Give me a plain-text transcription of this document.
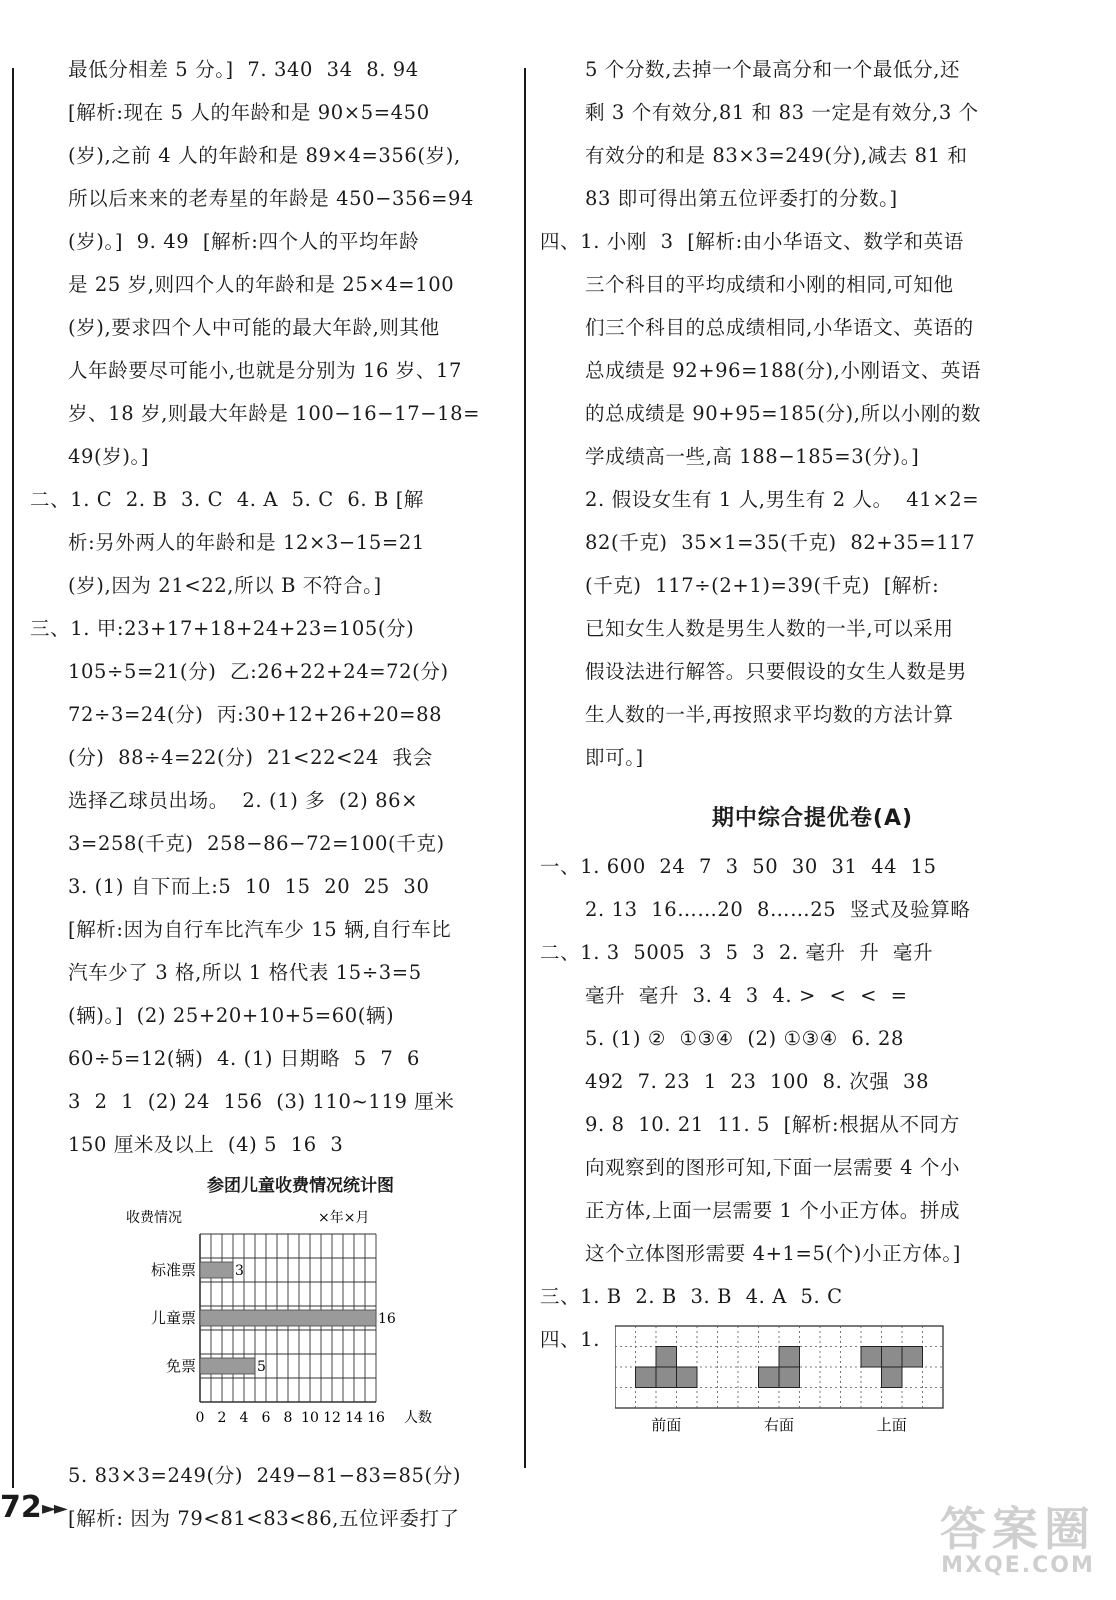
最低分相差 5 分。]  7. 340  34  8. 94
[解析:现在 5 人的年龄和是 90×5=450
(岁),之前 4 人的年龄和是 89×4=356(岁),
所以后来来的老寿星的年龄是 450−356=94
(岁)。]  9. 49  [解析:四个人的平均年龄
是 25 岁,则四个人的年龄和是 25×4=100
(岁),要求四个人中可能的最大年龄,则其他
人年龄要尽可能小,也就是分别为 16 岁、17
岁、18 岁,则最大年龄是 100−16−17−18=
49(岁)。]
二、1. C  2. B  3. C  4. A  5. C  6. B [解
析:另外两人的年龄和是 12×3−15=21
(岁),因为 21<22,所以 B 不符合。]
三、1. 甲:23+17+18+24+23=105(分)
105÷5=21(分)  乙:26+22+24=72(分)
72÷3=24(分)  丙:30+12+26+20=88
(分)  88÷4=22(分)  21<22<24  我会
选择乙球员出场。  2. (1) 多  (2) 86×
3=258(千克)  258−86−72=100(千克)
3. (1) 自下而上:5  10  15  20  25  30
[解析:因为自行车比汽车少 15 辆,自行车比
汽车少了 3 格,所以 1 格代表 15÷3=5
(辆)。]  (2) 25+20+10+5=60(辆)
60÷5=12(辆)  4. (1) 日期略  5  7  6
3  2  1  (2) 24  156  (3) 110~119 厘米
150 厘米及以上  (4) 5  16  3
参团儿童收费情况统计图
收费情况	×年×月
标准票	3
儿童票	16
免票	5
0 2 4 6 8 10 12 14 16 人数
5. 83×3=249(分)  249−81−83=85(分)
[解析: 因为 79<81<83<86,五位评委打了
5 个分数,去掉一个最高分和一个最低分,还
剩 3 个有效分,81 和 83 一定是有效分,3 个
有效分的和是 83×3=249(分),减去 81 和
83 即可得出第五位评委打的分数。]
四、1. 小刚  3  [解析:由小华语文、数学和英语
三个科目的平均成绩和小刚的相同,可知他
们三个科目的总成绩相同,小华语文、英语的
总成绩是 92+96=188(分),小刚语文、英语
的总成绩是 90+95=185(分),所以小刚的数
学成绩高一些,高 188−185=3(分)。]
2. 假设女生有 1 人,男生有 2 人。  41×2=
82(千克)  35×1=35(千克)  82+35=117
(千克)  117÷(2+1)=39(千克)  [解析:
已知女生人数是男生人数的一半,可以采用
假设法进行解答。只要假设的女生人数是男
生人数的一半,再按照求平均数的方法计算
即可。]
期中综合提优卷(A)
一、1. 600  24  7  3  50  30  31  44  15
2. 13  16……20  8……25  竖式及验算略
二、1. 3  5005  3  5  3  2. 毫升  升  毫升
毫升  毫升  3. 4  3  4. >  <  <  =
5. (1) ②  ①③④  (2) ①③④  6. 28
492  7. 23  1  23  100  8. 次强  38
9. 8  10. 21  11. 5  [解析:根据从不同方
向观察到的图形可知,下面一层需要 4 个小
正方体,上面一层需要 1 个小正方体。拼成
这个立体图形需要 4+1=5(个)小正方体。]
三、1. B  2. B  3. B  4. A  5. C
四、1.
前面	右面	上面
72 ►►	答案圈
MXQE.COM
